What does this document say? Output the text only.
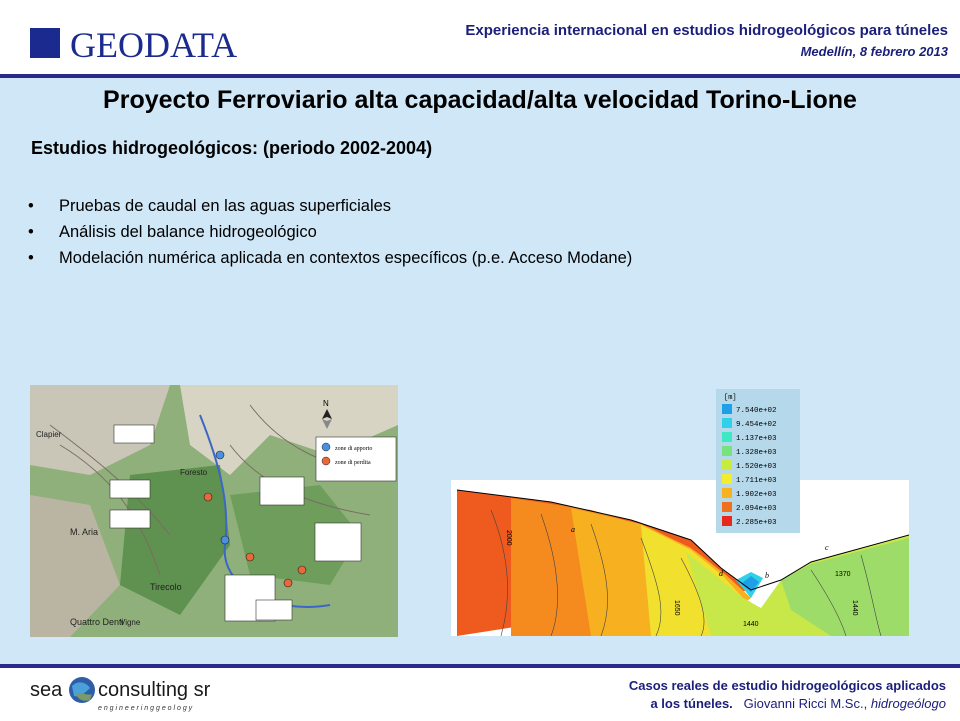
GEODATA	Experiencia internacional en estudios hidrogeológicos para túneles
Medellín, 8 febrero 2013
Proyecto Ferroviario alta capacidad/alta velocidad Torino-Lione
Estudios hidrogeológicos: (periodo 2002-2004)
• Pruebas de caudal en las aguas superficiales
• Análisis del balance hidrogeológico
• Modelación numérica aplicada en contextos específicos (p.e. Acceso Modane)
N
zone di apporto
zone di perdita
M. Aria
Quattro Denti
Tirecolo
Foresto
Clapier
Vigne
a
b
c
d	1370
1440
2000
1650	1440
[m]
7.540e+02
9.454e+02
1.137e+03
1.328e+03
1.520e+03
1.711e+03
1.902e+03
2.094e+03
2.285e+03
sea consulting srl
e n g i n e e r i n g g e o l o g y
Casos reales de estudio hidrogeológicos aplicados
a los túneles. Giovanni Ricci M.Sc., hidrogeólogo
